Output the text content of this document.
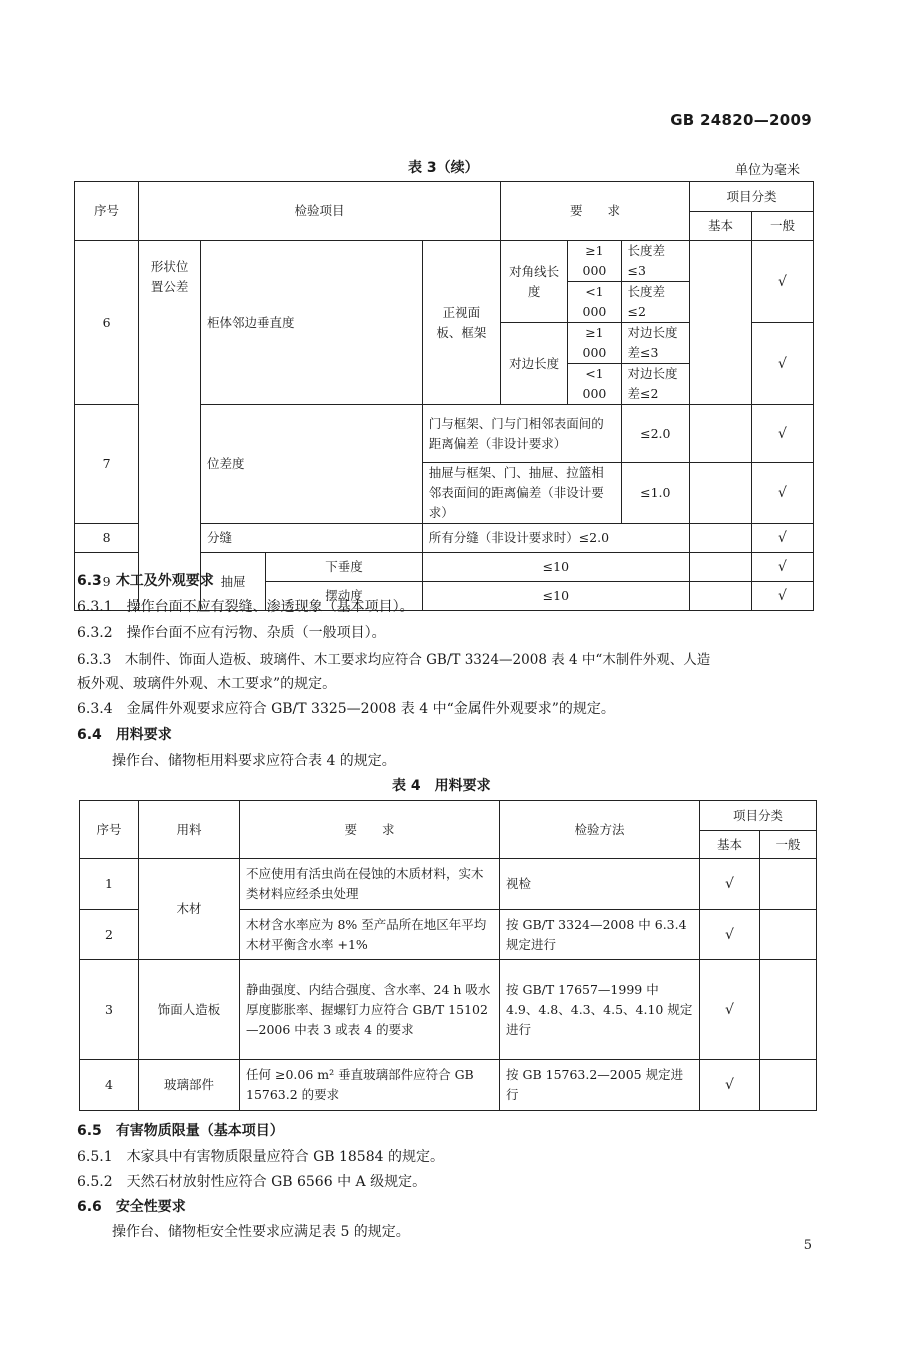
GB 24820—2009
表 3（续）	单位为毫米
序号	检验项目				要　　求			项目分类	
								基本	一般
6	形状位置公差	柜体邻边垂直度		正视面板、框架	对角线长度	≥1 000	长度差≤3		√
						<1 000	长度差≤2		
					对边长度	≥1 000	对边长度差≤3		√
						<1 000	对边长度差≤2		
7		位差度		门与框架、门与门相邻表面间的距离偏差（非设计要求）			≤2.0		√
				抽屉与框架、门、抽屉、拉篮相邻表面间的距离偏差（非设计要求）			≤1.0		√
8		分缝		所有分缝（非设计要求时）≤2.0					√
9		抽屉	下垂度	≤10					√
			摆动度	≤10					√
6.3　 木工及外观要求
6.3.1　 操作台面不应有裂缝、渗透现象（基本项目）。
6.3.2　 操作台面不应有污物、杂质（一般项目）。
6.3.3　 木制件、饰面人造板、玻璃件、木工要求均应符合 GB/T 3324—2008 表 4 中“木制件外观、人造
板外观、玻璃件外观、木工要求”的规定。
6.3.4　 金属件外观要求应符合 GB/T 3325—2008 表 4 中“金属件外观要求”的规定。
6.4　 用料要求
操作台、储物柜用料要求应符合表 4 的规定。
表 4　用料要求
序号	用料	要　　求	检验方法	项目分类	
				基本	一般
1	木材	不应使用有活虫尚在侵蚀的木质材料，实木类材料应经杀虫处理	视检	√	
2		木材含水率应为 8% 至产品所在地区年平均木材平衡含水率 +1%	按 GB/T 3324—2008 中 6.3.4 规定进行	√	
3	饰面人造板	静曲强度、内结合强度、含水率、24 h 吸水厚度膨胀率、握螺钉力应符合 GB/T 15102—2006 中表 3 或表 4 的要求	按 GB/T 17657—1999 中 4.9、4.8、4.3、4.5、4.10 规定进行	√	
4	玻璃部件	任何 ≥0.06 m² 垂直玻璃部件应符合 GB 15763.2 的要求	按 GB 15763.2—2005 规定进行	√	
6.5　 有害物质限量（基本项目）
6.5.1　 木家具中有害物质限量应符合 GB 18584 的规定。
6.5.2　 天然石材放射性应符合 GB 6566 中 A 级规定。
6.6　 安全性要求
操作台、储物柜安全性要求应满足表 5 的规定。
5
